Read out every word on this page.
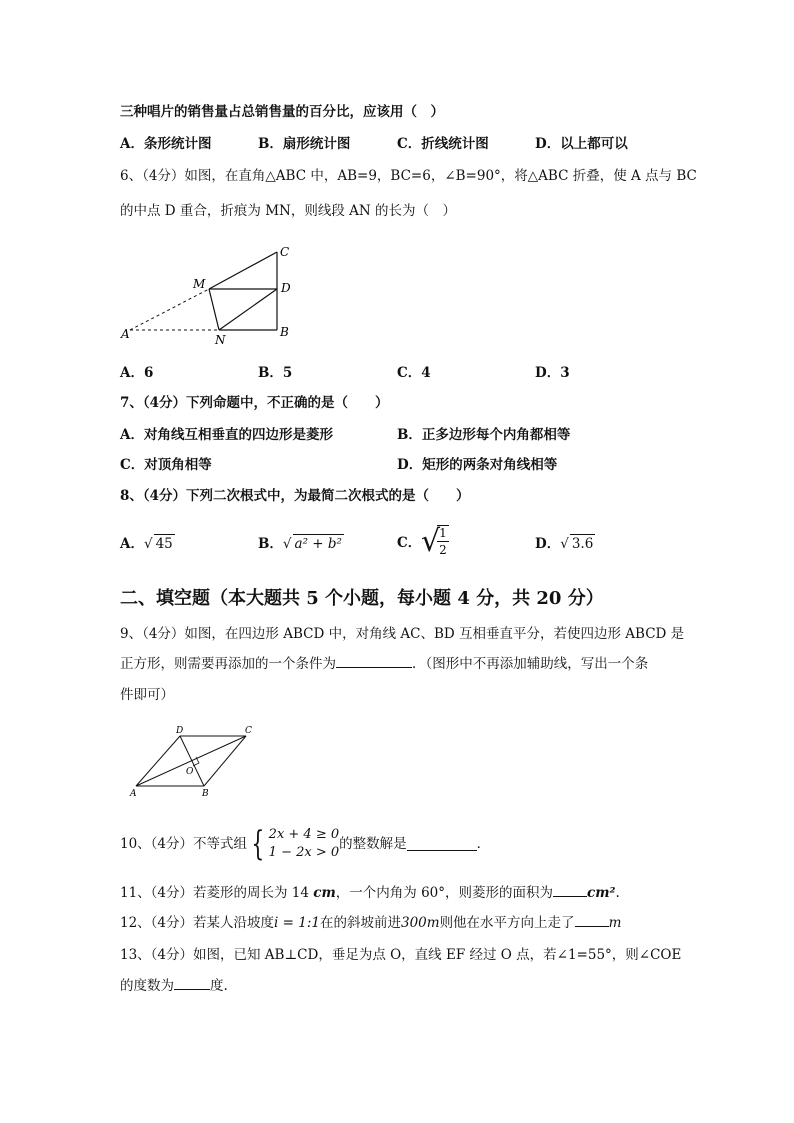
三种唱片的销售量占总销售量的百分比，应该用（　）
A．条形统计图	B．扇形统计图	C．折线统计图	D．以上都可以
6、（4分）如图，在直角△ABC 中，AB=9，BC=6，∠B=90°，将△ABC 折叠，使 A 点与 BC
的中点 D 重合，折痕为 MN，则线段 AN 的长为（　）
C
M	D
A	B
N
A．6	B．5	C．4	D．3
7、（4分）下列命题中，不正确的是（　　）
A．对角线互相垂直的四边形是菱形	B．正多边形每个内角都相等
C．对顶角相等	D．矩形的两条对角线相等
8、（4分）下列二次根式中，为最简二次根式的是（　　）
A．√ 45	B．√ a² + b²	C． √ 1
2	D．√ 3.6
二、填空题（本大题共 5 个小题，每小题 4 分，共 20 分）
9、（4分）如图，在四边形 ABCD 中，对角线 AC、BD 互相垂直平分，若使四边形 ABCD 是
正方形，则需要再添加的一个条件为	．（图形中不再添加辅助线，写出一个条
件即可）
D	C
O
A	B
10、（4分）不等式组 { 2x + 4 ≥ 0
1 − 2x > 0
的整数解是	．
11、（4分）若菱形的周长为 14 cm，一个内角为 60°，则菱形的面积为	cm².
12、（4分）若某人沿坡度i = 1:1在的斜坡前进300m则他在水平方向上走了	m
13、（4分）如图，已知 AB⊥CD，垂足为点 O，直线 EF 经过 O 点，若∠1=55°，则∠COE
的度数为	度.
